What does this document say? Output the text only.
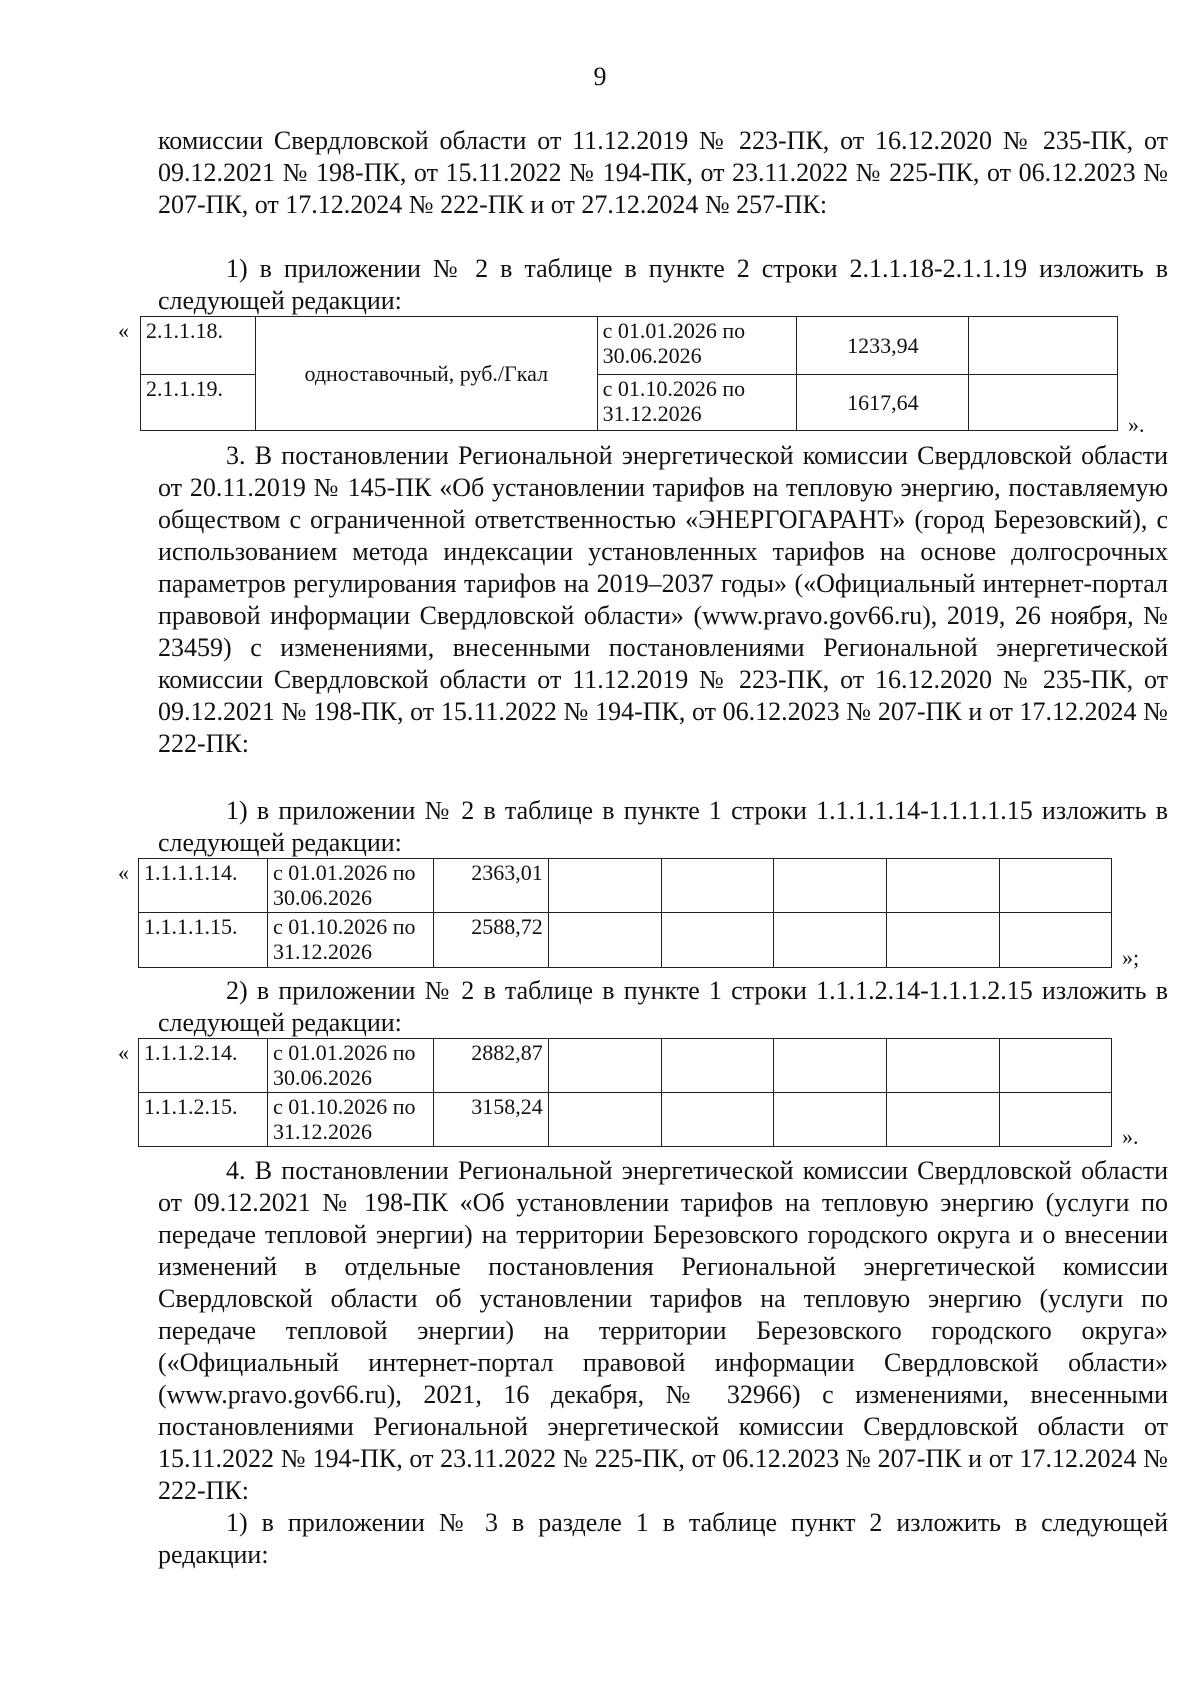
9

комиссии Свердловской области от 11.12.2019 № 223-ПК, от 16.12.2020 № 235-ПК, от 09.12.2021 № 198-ПК, от 15.11.2022 № 194-ПК, от 23.11.2022 № 225-ПК, от 06.12.2023 № 207-ПК, от 17.12.2024 № 222-ПК и от 27.12.2024 № 257-ПК:

1) в приложении № 2 в таблице в пункте 2 строки 2.1.1.18-2.1.1.19 изложить в следующей редакции:

« 2.1.1.18.	одноставочный, руб./Гкал	с 01.01.2026 по 30.06.2026	1233,94	
2.1.1.19.		с 01.10.2026 по 31.12.2026	1617,64	
».

3. В постановлении Региональной энергетической комиссии Свердловской области от 20.11.2019 № 145-ПК «Об установлении тарифов на тепловую энергию, поставляемую обществом с ограниченной ответственностью «ЭНЕРГОГАРАНТ» (город Березовский), с использованием метода индексации установленных тарифов на основе долгосрочных параметров регулирования тарифов на 2019–2037 годы» («Официальный интернет-портал правовой информации Свердловской области» (www.pravo.gov66.ru), 2019, 26 ноября, № 23459) с изменениями, внесенными постановлениями Региональной энергетической комиссии Свердловской области от 11.12.2019 № 223-ПК, от 16.12.2020 № 235-ПК, от 09.12.2021 № 198-ПК, от 15.11.2022 № 194-ПК, от 06.12.2023 № 207-ПК и от 17.12.2024 № 222-ПК:

1) в приложении № 2 в таблице в пункте 1 строки 1.1.1.1.14-1.1.1.1.15 изложить в следующей редакции:

« 1.1.1.1.14.	с 01.01.2026 по 30.06.2026	2363,01					
1.1.1.1.15.	с 01.10.2026 по 31.12.2026	2588,72					
»;

2) в приложении № 2 в таблице в пункте 1 строки 1.1.1.2.14-1.1.1.2.15 изложить в следующей редакции:

« 1.1.1.2.14.	с 01.01.2026 по 30.06.2026	2882,87					
1.1.1.2.15.	с 01.10.2026 по 31.12.2026	3158,24					
».

4. В постановлении Региональной энергетической комиссии Свердловской области от 09.12.2021 № 198-ПК «Об установлении тарифов на тепловую энергию (услуги по передаче тепловой энергии) на территории Березовского городского округа и о внесении изменений в отдельные постановления Региональной энергетической комиссии Свердловской области об установлении тарифов на тепловую энергию (услуги по передаче тепловой энергии) на территории Березовского городского округа» («Официальный интернет-портал правовой информации Свердловской области» (www.pravo.gov66.ru), 2021, 16 декабря, № 32966) с изменениями, внесенными постановлениями Региональной энергетической комиссии Свердловской области от 15.11.2022 № 194-ПК, от 23.11.2022 № 225-ПК, от 06.12.2023 № 207-ПК и от 17.12.2024 № 222-ПК:

1) в приложении № 3 в разделе 1 в таблице пункт 2 изложить в следующей редакции:
